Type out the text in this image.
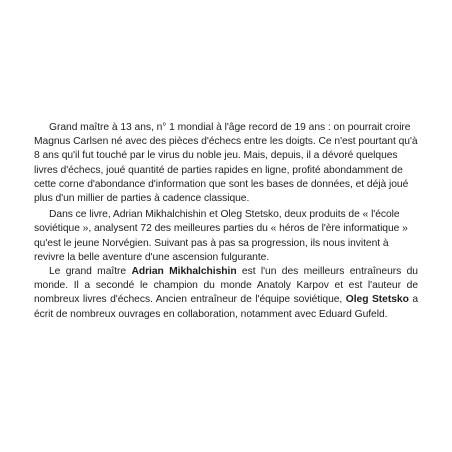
Grand maître à 13 ans, n° 1 mondial à l'âge record de 19 ans : on pourrait croire Magnus Carlsen né avec des pièces d'échecs entre les doigts. Ce n'est pourtant qu'à 8 ans qu'il fut touché par le virus du noble jeu. Mais, depuis, il a dévoré quelques livres d'échecs, joué quantité de parties rapides en ligne, profité abondamment de cette corne d'abondance d'information que sont les bases de données, et déjà joué plus d'un millier de parties à cadence classique.

Dans ce livre, Adrian Mikhalchishin et Oleg Stetsko, deux produits de « l'école soviétique », analysent 72 des meilleures parties du « héros de l'ère informatique » qu'est le jeune Norvégien. Suivant pas à pas sa progression, ils nous invitent à revivre la belle aventure d'une ascension fulgurante.

Le grand maître Adrian Mikhalchishin est l'un des meilleurs entraîneurs du monde. Il a secondé le champion du monde Anatoly Karpov et est l'auteur de nombreux livres d'échecs. Ancien entraîneur de l'équipe soviétique, Oleg Stetsko a écrit de nombreux ouvrages en collaboration, notamment avec Eduard Gufeld.
